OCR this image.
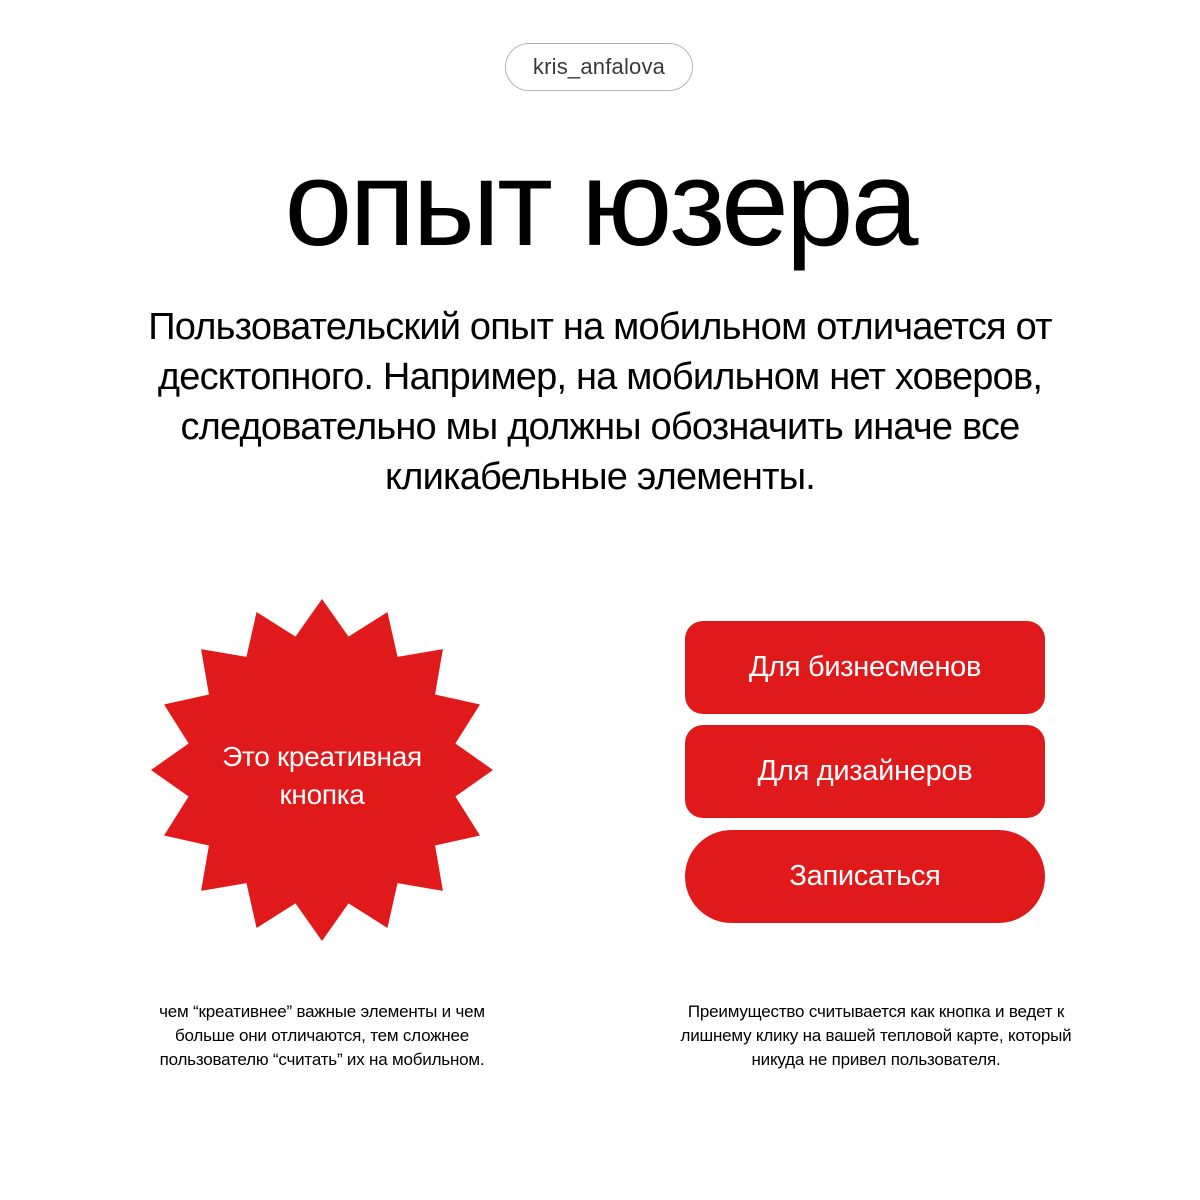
kris_anfalova
опыт юзера

Пользовательский опыт на мобильном отличается от десктопного. Например, на мобильном нет ховеров, следовательно мы должны обозначить иначе все кликабельные элементы.

Это креативная кнопка
Для бизнесменов
Для дизайнеров
Записаться

чем “креативнее” важные элементы и чем больше они отличаются, тем сложнее пользователю “считать” их на мобильном.

Преимущество считывается как кнопка и ведет к лишнему клику на вашей тепловой карте, который никуда не привел пользователя.
